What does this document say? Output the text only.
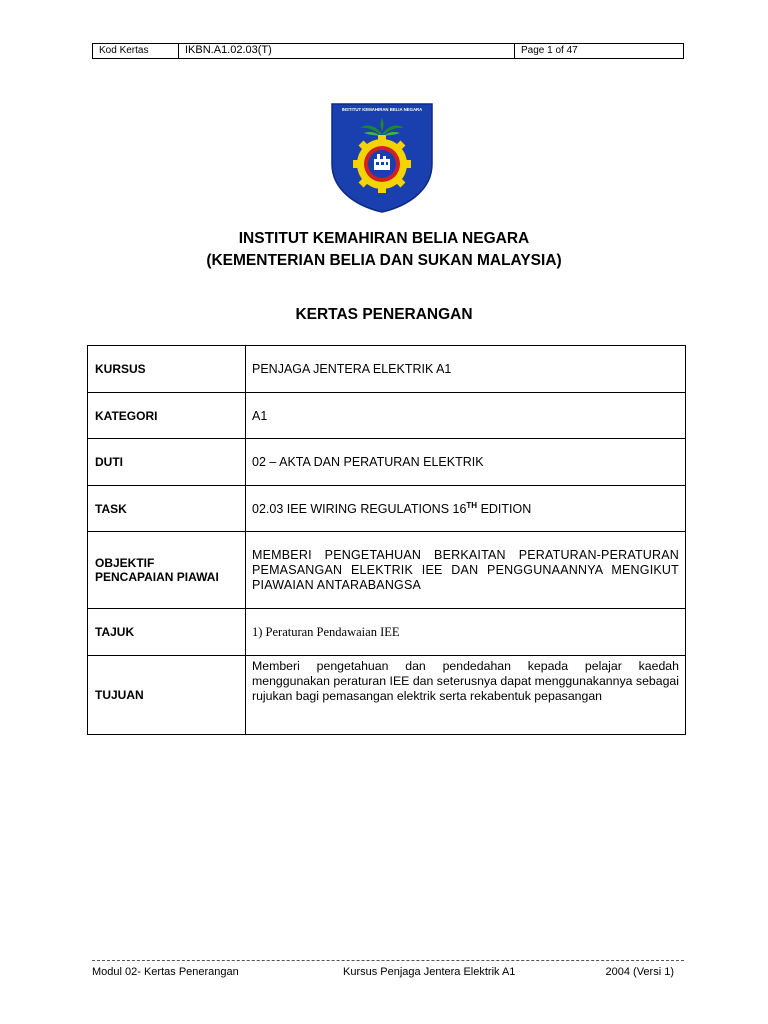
Kod Kertas	IKBN.A1.02.03(T)	Page 1 of 47
INSTITUT KEMAHIRAN BELIA NEGARA
INSTITUT KEMAHIRAN BELIA NEGARA
(KEMENTERIAN BELIA DAN SUKAN MALAYSIA)
KERTAS PENERANGAN
KURSUS	PENJAGA JENTERA ELEKTRIK A1
KATEGORI	A1
DUTI	02 – AKTA DAN PERATURAN ELEKTRIK
TASK	02.03 IEE WIRING REGULATIONS 16TH EDITION

OBJEKTIF
PENCAPAIAN PIAWAI	MEMBERI PENGETAHUAN BERKAITAN PERATURAN-PERATURAN PEMASANGAN ELEKTRIK IEE DAN PENGGUNAANNYA MENGIKUT PIAWAIAN ANTARABANGSA
TAJUK	1) Peraturan Pendawaian IEE
TUJUAN	Memberi pengetahuan dan pendedahan kepada pelajar kaedah menggunakan peraturan IEE dan seterusnya dapat menggunakannya sebagai rujukan bagi pemasangan elektrik serta rekabentuk pepasangan
Modul 02- Kertas Penerangan	Kursus Penjaga Jentera Elektrik A1	2004 (Versi 1)
